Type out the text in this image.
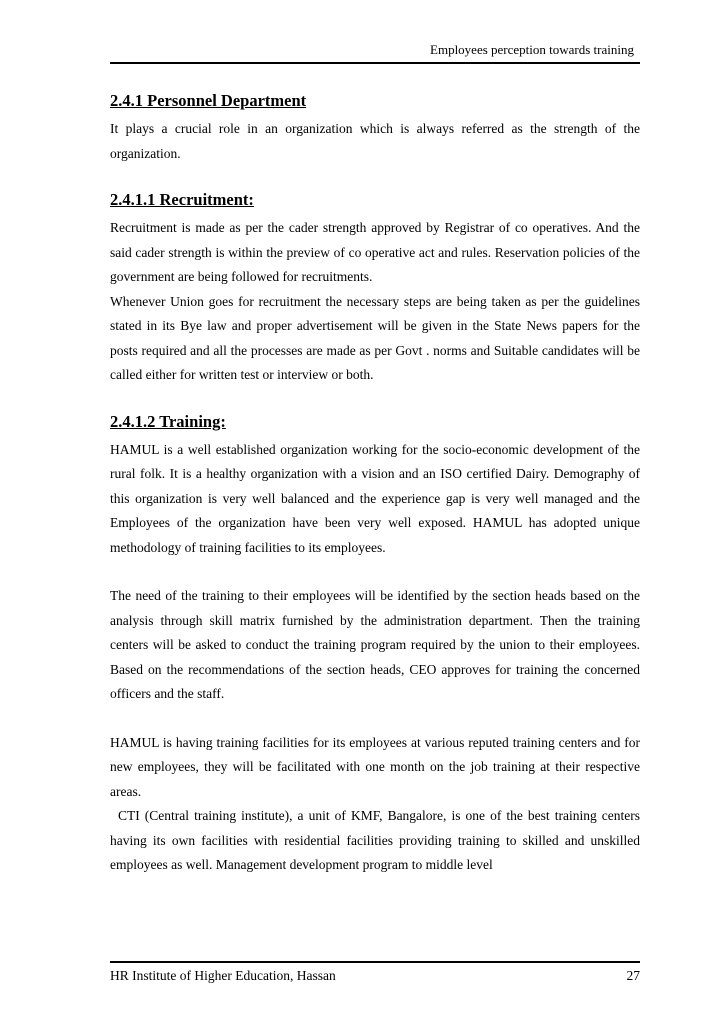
Employees perception towards training
2.4.1 Personnel Department

It plays a crucial role in an organization which is always referred as the strength of the organization.

2.4.1.1 Recruitment:

Recruitment is made as per the cader strength approved by Registrar of co operatives. And the said cader strength is within the preview of co operative act and rules. Reservation policies of the government are being followed for recruitments.

Whenever Union goes for recruitment the necessary steps are being taken as per the guidelines stated in its Bye law and proper advertisement will be given in the State News papers for the posts required and all the processes are made as per Govt . norms and Suitable candidates will be called either for written test or interview or both.

2.4.1.2 Training:

HAMUL is a well established organization working for the socio-economic development of the rural folk. It is a healthy organization with a vision and an ISO certified Dairy. Demography of this organization is very well balanced and the experience gap is very well managed and the Employees of the organization have been very well exposed. HAMUL has adopted unique methodology of training facilities to its employees.

The need of the training to their employees will be identified by the section heads based on the analysis through skill matrix furnished by the administration department. Then the training centers will be asked to conduct the training program required by the union to their employees. Based on the recommendations of the section heads, CEO approves for training the concerned officers and the staff.

HAMUL is having training facilities for its employees at various reputed training centers and for new employees, they will be facilitated with one month on the job training at their respective areas.

CTI (Central training institute), a unit of KMF, Bangalore, is one of the best training centers having its own facilities with residential facilities providing training to skilled and unskilled employees as well. Management development program to middle level

HR Institute of Higher Education, Hassan	27
